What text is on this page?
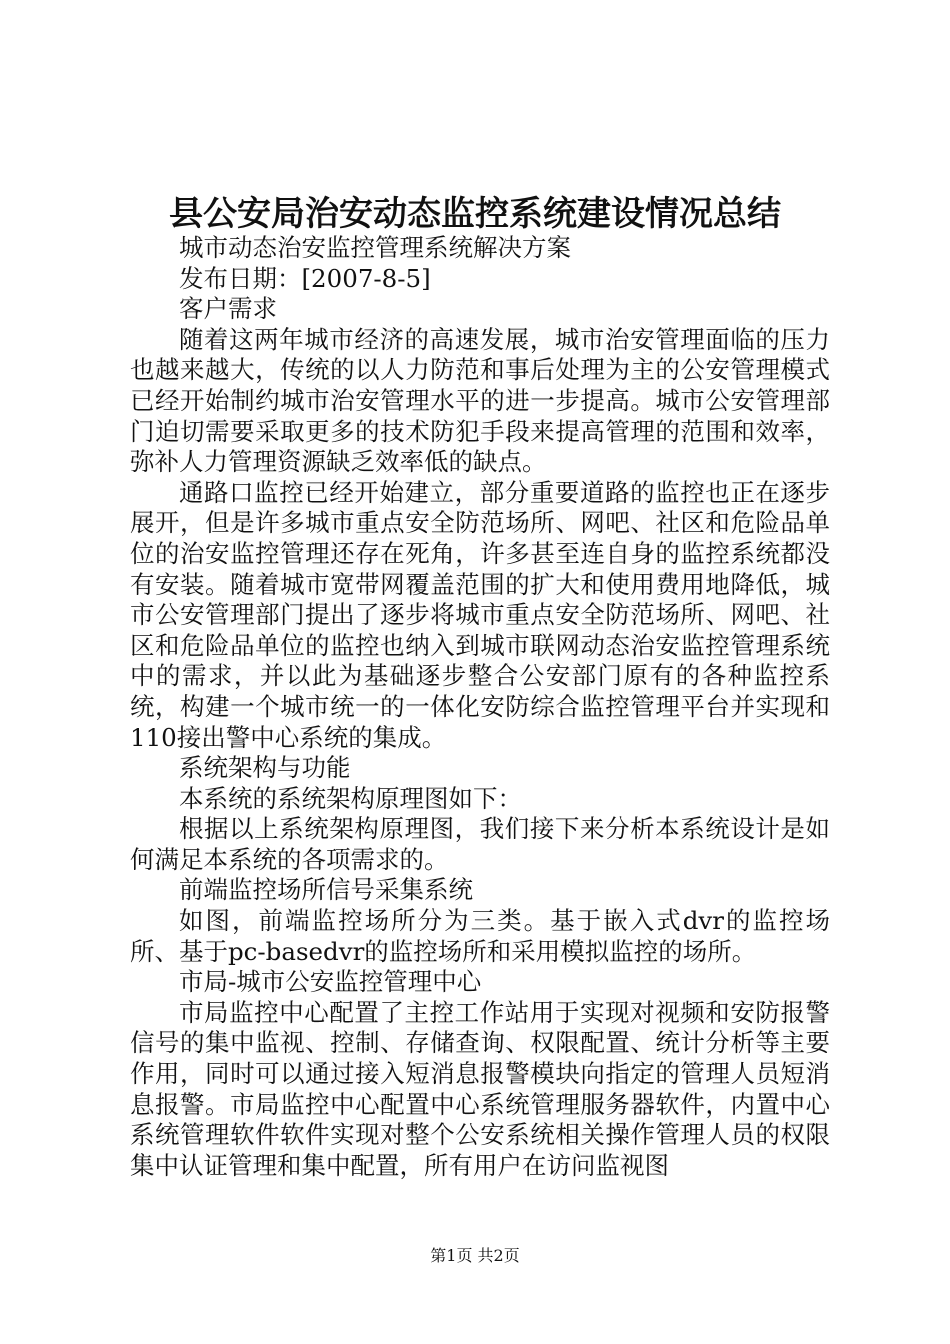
县公安局治安动态监控系统建设情况总结

城市动态治安监控管理系统解决方案

发布日期：[2007-8-5]

客户需求

随着这两年城市经济的高速发展，城市治安管理面临的压力也越来越大，传统的以人力防范和事后处理为主的公安管理模式已经开始制约城市治安管理水平的进一步提高。城市公安管理部门迫切需要采取更多的技术防犯手段来提高管理的范围和效率，弥补人力管理资源缺乏效率低的缺点。

通路口监控已经开始建立，部分重要道路的监控也正在逐步展开，但是许多城市重点安全防范场所、网吧、社区和危险品单位的治安监控管理还存在死角，许多甚至连自身的监控系统都没有安装。随着城市宽带网覆盖范围的扩大和使用费用地降低，城市公安管理部门提出了逐步将城市重点安全防范场所、网吧、社区和危险品单位的监控也纳入到城市联网动态治安监控管理系统中的需求，并以此为基础逐步整合公安部门原有的各种监控系统，构建一个城市统一的一体化安防综合监控管理平台并实现和110接出警中心系统的集成。

系统架构与功能

本系统的系统架构原理图如下：

根据以上系统架构原理图，我们接下来分析本系统设计是如何满足本系统的各项需求的。

前端监控场所信号采集系统

如图，前端监控场所分为三类。基于嵌入式dvr的监控场所、基于pc-basedvr的监控场所和采用模拟监控的场所。

市局-城市公安监控管理中心

市局监控中心配置了主控工作站用于实现对视频和安防报警信号的集中监视、控制、存储查询、权限配置、统计分析等主要作用，同时可以通过接入短消息报警模块向指定的管理人员短消息报警。市局监控中心配置中心系统管理服务器软件，内置中心系统管理软件软件实现对整个公安系统相关操作管理人员的权限集中认证管理和集中配置，所有用户在访问监视图

第1页 共2页
